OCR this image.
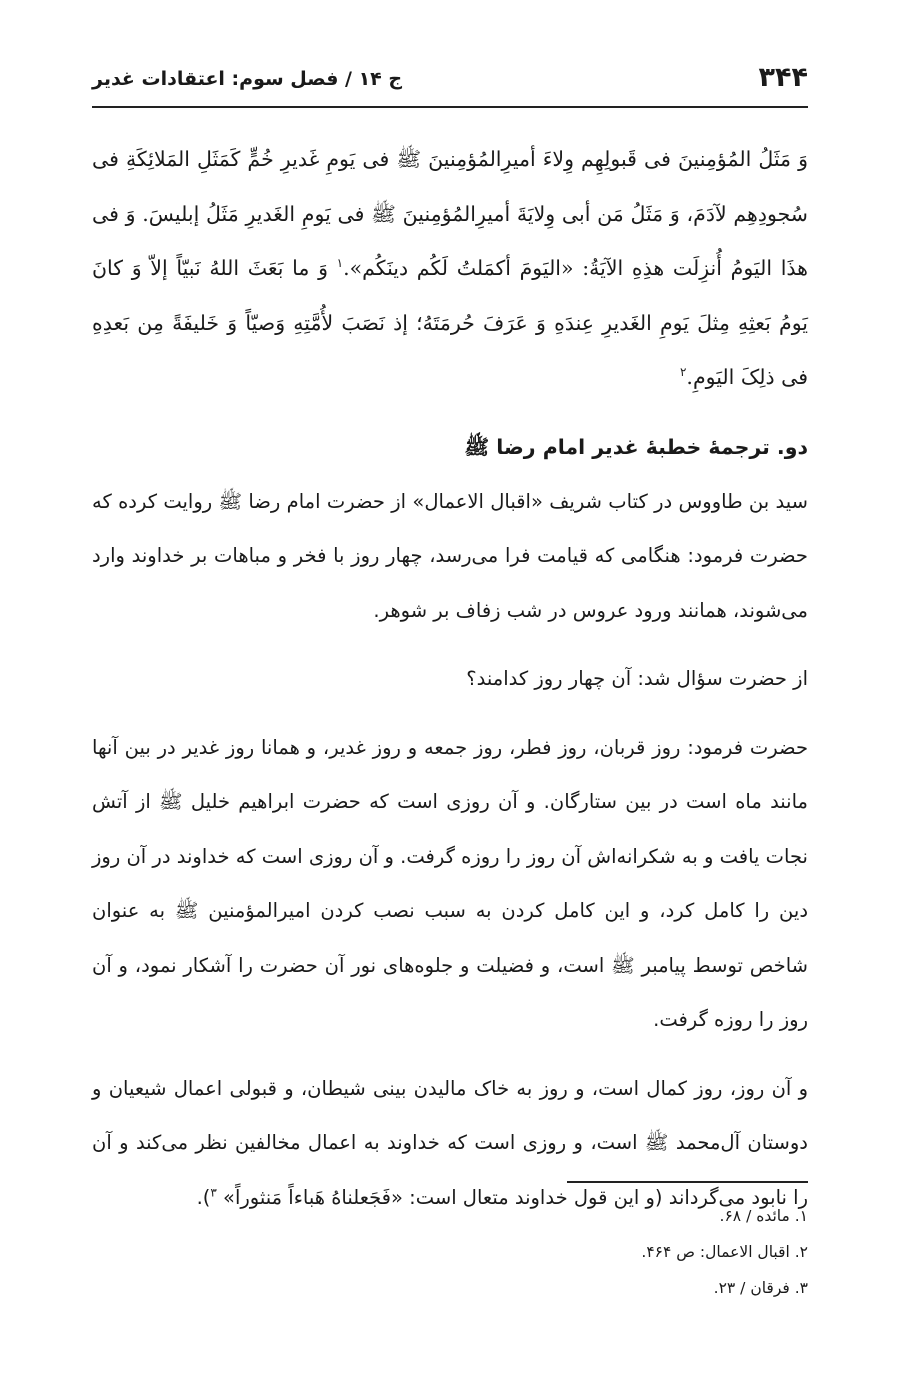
۳۴۴
ج ۱۴ / فصل سوم: اعتقادات غدیر

وَ مَثَلُ المُؤمِنینَ فی قَبولِهِم وِلاءَ أمیرِالمُؤمِنینَ ﷺ فی یَومِ غَدیرِ خُمٍّ کَمَثَلِ المَلائِکَةِ فی سُجودِهِم لآدَمَ، وَ مَثَلُ مَن أبی وِلایَةَ أمیرِالمُؤمِنینَ ﷺ فی یَومِ الغَدیرِ مَثَلُ إبلیسَ. وَ فی هذَا الیَومُ أُنزِلَت هذِهِ الآیَةُ: «الیَومَ أکمَلتُ لَکُم دینَکُم».$^۱$ وَ ما بَعَثَ اللهُ نَبیّاً إلاّ وَ کانَ یَومُ بَعثِهِ مِثلَ یَومِ الغَدیرِ عِندَهِ وَ عَرَفَ حُرمَتَهُ؛ إذ نَصَبَ لأُمَّتِهِ وَصیّاً وَ خَلیفَةً مِن بَعدِهِ فی ذلِکَ الیَومِ.$^۲$

دو. ترجمهٔ خطبهٔ غدیر امام رضا ﷺ

سید بن طاووس در کتاب شریف «اقبال الاعمال» از حضرت امام رضا ﷺ روایت کرده که حضرت فرمود: هنگامی که قیامت فرا می‌رسد، چهار روز با فخر و مباهات بر خداوند وارد می‌شوند، همانند ورود عروس در شب زفاف بر شوهر.

از حضرت سؤال شد: آن چهار روز کدامند؟

حضرت فرمود: روز قربان، روز فطر، روز جمعه و روز غدیر، و همانا روز غدیر در بین آنها مانند ماه است در بین ستارگان. و آن روزی است که حضرت ابراهیم خلیل ﷺ از آتش نجات یافت و به شکرانه‌اش آن روز را روزه گرفت. و آن روزی است که خداوند در آن روز دین را کامل کرد، و این کامل کردن به سبب نصب کردن امیرالمؤمنین ﷺ به عنوان شاخص توسط پیامبر ﷺ است، و فضیلت و جلوه‌های نور آن حضرت را آشکار نمود، و آن روز را روزه گرفت.

و آن روز، روز کمال است، و روز به خاک مالیدن بینی شیطان، و قبولی اعمال شیعیان و دوستان آل‌محمد ﷺ است، و روزی است که خداوند به اعمال مخالفین نظر می‌کند و آن را نابود می‌گرداند (و این قول خداوند متعال است: «فَجَعلناهُ هَباءاً مَنثوراً» $^۳$).

۱. مائده / ۶۸.

۲. اقبال الاعمال: ص ۴۶۴.

۳. فرقان / ۲۳.
